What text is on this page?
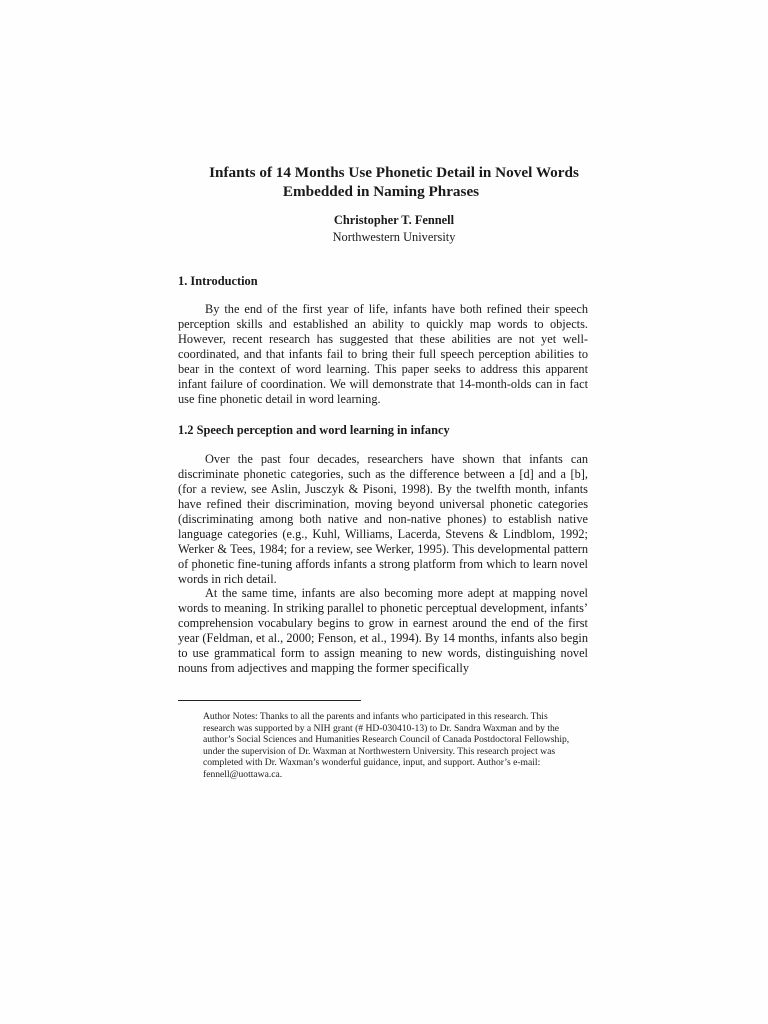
Infants of 14 Months Use Phonetic Detail in Novel Words
Embedded in Naming Phrases
Christopher T. Fennell
Northwestern University
1. Introduction

By the end of the first year of life, infants have both refined their speech perception skills and established an ability to quickly map words to objects. However, recent research has suggested that these abilities are not yet well-coordinated, and that infants fail to bring their full speech perception abilities to bear in the context of word learning. This paper seeks to address this apparent infant failure of coordination. We will demonstrate that 14-month-olds can in fact use fine phonetic detail in word learning.

1.2 Speech perception and word learning in infancy

Over the past four decades, researchers have shown that infants can discriminate phonetic categories, such as the difference between a [d] and a [b], (for a review, see Aslin, Jusczyk & Pisoni, 1998). By the twelfth month, infants have refined their discrimination, moving beyond universal phonetic categories (discriminating among both native and non-native phones) to establish native language categories (e.g., Kuhl, Williams, Lacerda, Stevens & Lindblom, 1992; Werker & Tees, 1984; for a review, see Werker, 1995). This developmental pattern of phonetic fine-tuning affords infants a strong platform from which to learn novel words in rich detail.

At the same time, infants are also becoming more adept at mapping novel words to meaning. In striking parallel to phonetic perceptual development, infants’ comprehension vocabulary begins to grow in earnest around the end of the first year (Feldman, et al., 2000; Fenson, et al., 1994). By 14 months, infants also begin to use grammatical form to assign meaning to new words, distinguishing novel nouns from adjectives and mapping the former specifically

Author Notes: Thanks to all the parents and infants who participated in this research. This
research was supported by a NIH grant (# HD-030410-13) to Dr. Sandra Waxman and by the
author’s Social Sciences and Humanities Research Council of Canada Postdoctoral Fellowship,
under the supervision of Dr. Waxman at Northwestern University. This research project was
completed with Dr. Waxman’s wonderful guidance, input, and support. Author’s e-mail:
fennell@uottawa.ca.
